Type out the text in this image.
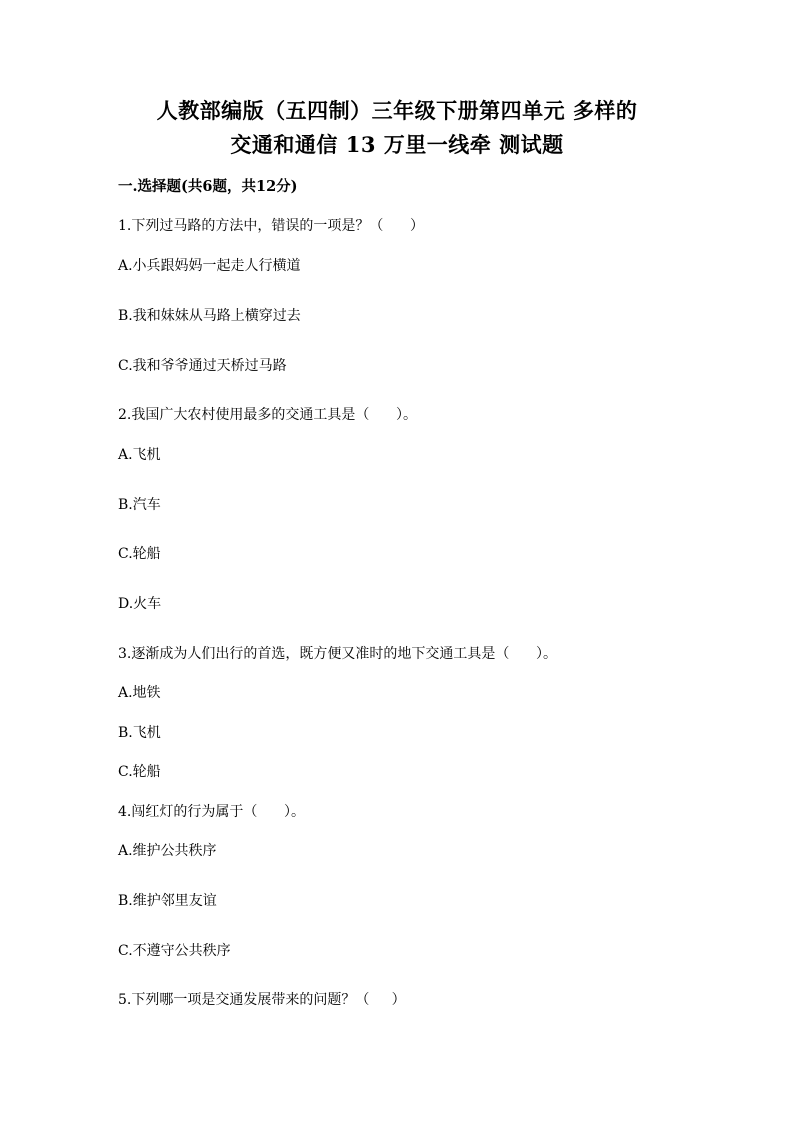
人教部编版（五四制）三年级下册第四单元 多样的
交通和通信 13 万里一线牵 测试题
一.选择题(共6题，共12分)
1.下列过马路的方法中，错误的一项是？（      ）
A.小兵跟妈妈一起走人行横道
B.我和妹妹从马路上横穿过去
C.我和爷爷通过天桥过马路
2.我国广大农村使用最多的交通工具是（      ）。
A.飞机
B.汽车
C.轮船
D.火车
3.逐渐成为人们出行的首选，既方便又准时的地下交通工具是（      ）。
A.地铁
B.飞机
C.轮船
4.闯红灯的行为属于（      ）。
A.维护公共秩序
B.维护邻里友谊
C.不遵守公共秩序
5.下列哪一项是交通发展带来的问题？（     ）
